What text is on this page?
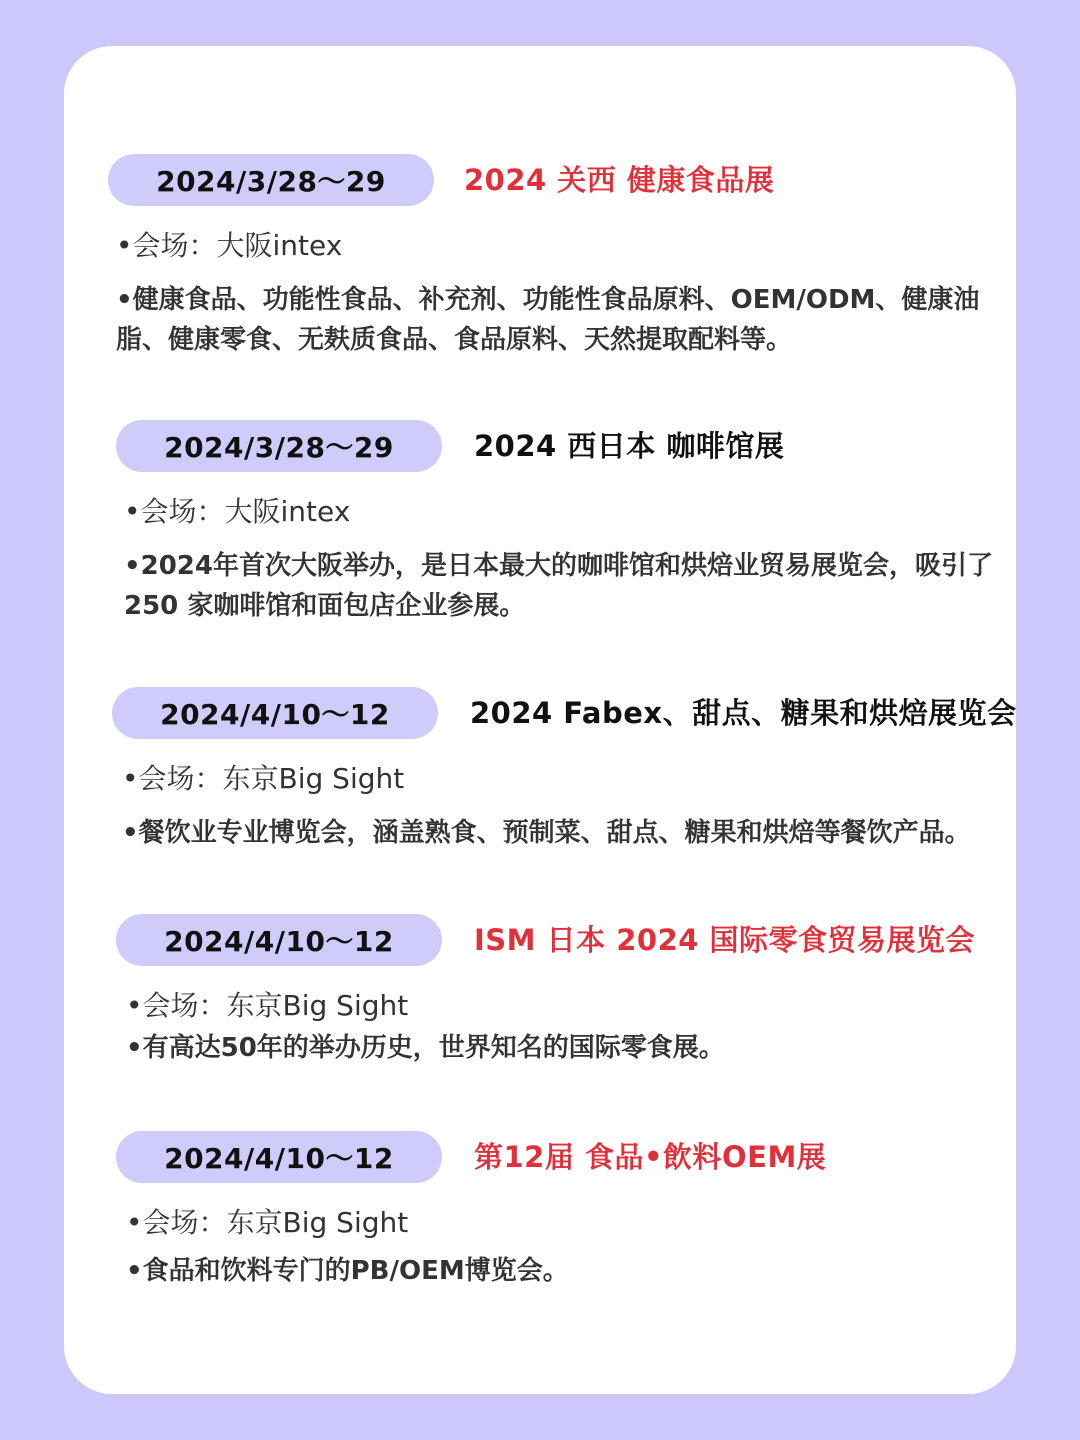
2024/3/28～29	2024 关西 健康食品展
•会场：大阪intex
•健康食品、功能性食品、补充剂、功能性食品原料、OEM/ODM、健康油脂、健康零食、无麸质食品、食品原料、天然提取配料等。
2024/3/28～29	2024 西日本 咖啡馆展
•会场：大阪intex
•2024年首次大阪举办，是日本最大的咖啡馆和烘焙业贸易展览会，吸引了 250 家咖啡馆和面包店企业参展。
2024/4/10～12	2024 Fabex、甜点、糖果和烘焙展览会
•会场：东京Big Sight
•餐饮业专业博览会，涵盖熟食、预制菜、甜点、糖果和烘焙等餐饮产品。
2024/4/10～12	ISM 日本 2024 国际零食贸易展览会
•会场：东京Big Sight
•有高达50年的举办历史，世界知名的国际零食展。
2024/4/10～12	第12届 食品•飲料OEM展
•会场：东京Big Sight
•食品和饮料专门的PB/OEM博览会。
